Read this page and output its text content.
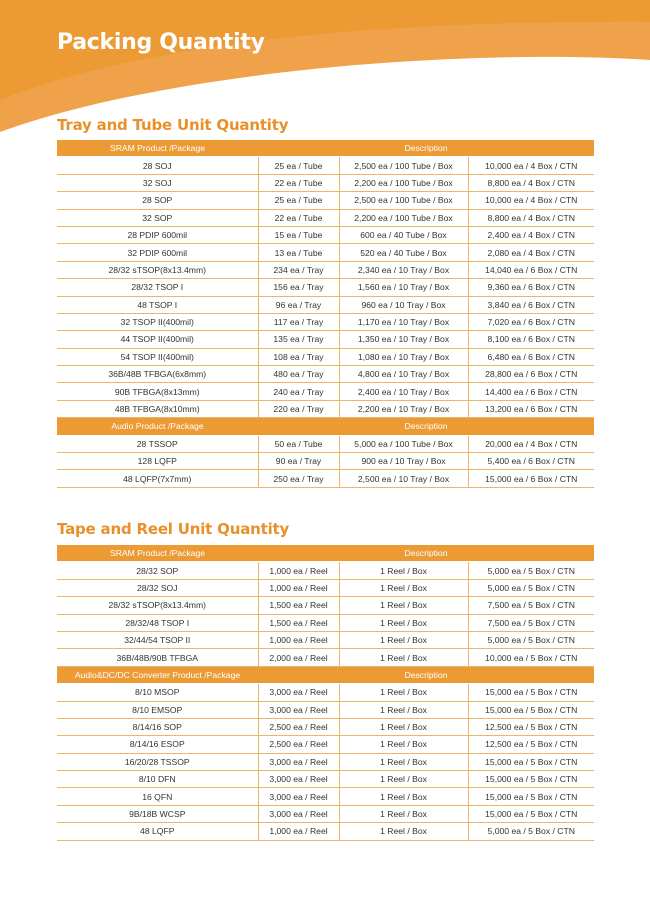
Packing Quantity
Tray and Tube Unit Quantity
SRAM Product /Package	Description		
28 SOJ	25 ea / Tube	2,500 ea / 100 Tube / Box	10,000 ea / 4 Box / CTN
32 SOJ	22 ea / Tube	2,200 ea / 100 Tube / Box	8,800 ea / 4 Box / CTN
28 SOP	25 ea / Tube	2,500 ea / 100 Tube / Box	10,000 ea / 4 Box / CTN
32 SOP	22 ea / Tube	2,200 ea / 100 Tube / Box	8,800 ea / 4 Box / CTN
28 PDIP 600mil	15 ea / Tube	600 ea / 40 Tube / Box	2,400 ea / 4 Box / CTN
32 PDIP 600mil	13 ea / Tube	520 ea / 40 Tube / Box	2,080 ea / 4 Box / CTN
28/32 sTSOP(8x13.4mm)	234 ea / Tray	2,340 ea / 10 Tray / Box	14,040 ea / 6 Box / CTN
28/32 TSOP I	156 ea / Tray	1,560 ea / 10 Tray / Box	9,360 ea / 6 Box / CTN
48 TSOP I	96 ea / Tray	960 ea / 10 Tray / Box	3,840 ea / 6 Box / CTN
32 TSOP II(400mil)	117 ea / Tray	1,170 ea / 10 Tray / Box	7,020 ea / 6 Box / CTN
44 TSOP II(400mil)	135 ea / Tray	1,350 ea / 10 Tray / Box	8,100 ea / 6 Box / CTN
54 TSOP II(400mil)	108 ea / Tray	1,080 ea / 10 Tray / Box	6,480 ea / 6 Box / CTN
36B/48B TFBGA(6x8mm)	480 ea / Tray	4,800 ea / 10 Tray / Box	28,800 ea / 6 Box / CTN
90B TFBGA(8x13mm)	240 ea / Tray	2,400 ea / 10 Tray / Box	14,400 ea / 6 Box / CTN
48B TFBGA(8x10mm)	220 ea / Tray	2,200 ea / 10 Tray / Box	13,200 ea / 6 Box / CTN
Audio Product /Package	Description		
28 TSSOP	50 ea / Tube	5,000 ea / 100 Tube / Box	20,000 ea / 4 Box / CTN
128 LQFP	90 ea / Tray	900 ea / 10 Tray / Box	5,400 ea / 6 Box / CTN
48 LQFP(7x7mm)	250 ea / Tray	2,500 ea / 10 Tray / Box	15,000 ea / 6 Box / CTN
Tape and Reel Unit Quantity
SRAM Product /Package	Description		
28/32 SOP	1,000 ea / Reel	1 Reel / Box	5,000 ea / 5 Box / CTN
28/32 SOJ	1,000 ea / Reel	1 Reel / Box	5,000 ea / 5 Box / CTN
28/32 sTSOP(8x13.4mm)	1,500 ea / Reel	1 Reel / Box	7,500 ea / 5 Box / CTN
28/32/48 TSOP I	1,500 ea / Reel	1 Reel / Box	7,500 ea / 5 Box / CTN
32/44/54 TSOP II	1,000 ea / Reel	1 Reel / Box	5,000 ea / 5 Box / CTN
36B/48B/90B TFBGA	2,000 ea / Reel	1 Reel / Box	10,000 ea / 5 Box / CTN
Audio&DC/DC Converter Product /Package	Description		
8/10 MSOP	3,000 ea / Reel	1 Reel / Box	15,000 ea / 5 Box / CTN
8/10 EMSOP	3,000 ea / Reel	1 Reel / Box	15,000 ea / 5 Box / CTN
8/14/16 SOP	2,500 ea / Reel	1 Reel / Box	12,500 ea / 5 Box / CTN
8/14/16 ESOP	2,500 ea / Reel	1 Reel / Box	12,500 ea / 5 Box / CTN
16/20/28 TSSOP	3,000 ea / Reel	1 Reel / Box	15,000 ea / 5 Box / CTN
8/10 DFN	3,000 ea / Reel	1 Reel / Box	15,000 ea / 5 Box / CTN
16 QFN	3,000 ea / Reel	1 Reel / Box	15,000 ea / 5 Box / CTN
9B/18B WCSP	3,000 ea / Reel	1 Reel / Box	15,000 ea / 5 Box / CTN
48 LQFP	1,000 ea / Reel	1 Reel / Box	5,000 ea / 5 Box / CTN
